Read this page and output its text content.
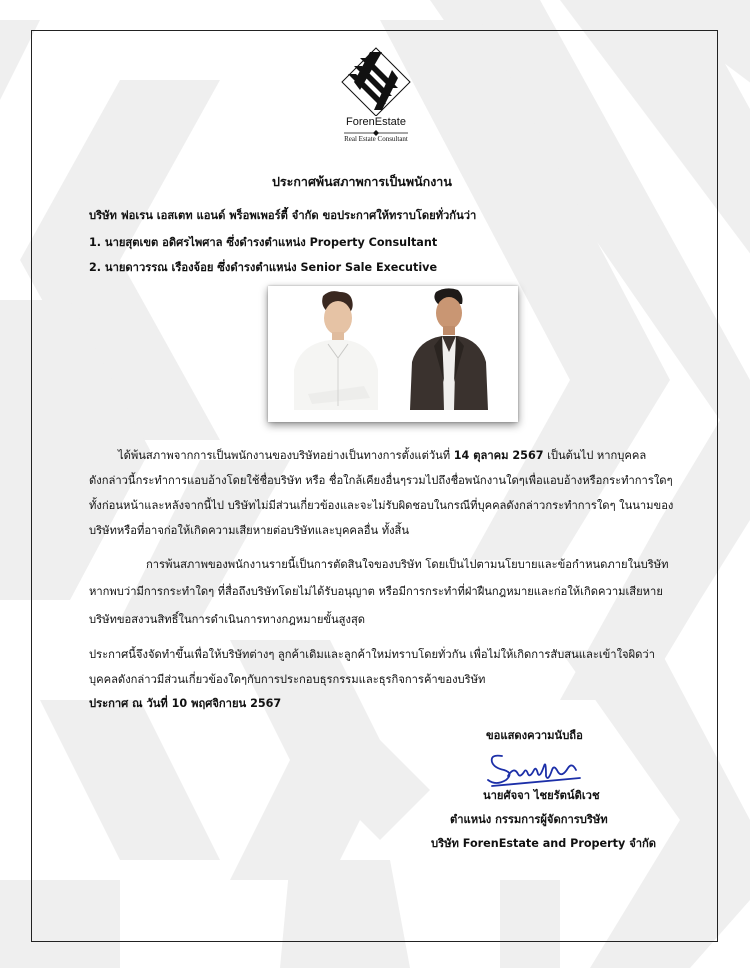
ForenEstate
Real Estate Consultant
ประกาศพ้นสภาพการเป็นพนักงาน
บริษัท ฟอเรน เอสเตท แอนด์ พร็อพเพอร์ตี้ จำกัด ขอประกาศให้ทราบโดยทั่วกันว่า
1. นายสุตเขต อดิศรไพศาล ซึ่งดำรงตำแหน่ง Property Consultant
2. นายดาวรรณ เรืองจ้อย ซึ่งดำรงตำแหน่ง Senior Sale Executive
ได้พ้นสภาพจากการเป็นพนักงานของบริษัทอย่างเป็นทางการตั้งแต่วันที่ 14 ตุลาคม 2567 เป็นต้นไป หากบุคคล
ดังกล่าวนี้กระทำการแอบอ้างโดยใช้ชื่อบริษัท หรือ ชื่อใกล้เคียงอื่นๆรวมไปถึงชื่อพนักงานใดๆเพื่อแอบอ้างหรือกระทำการใดๆ
ทั้งก่อนหน้าและหลังจากนี้ไป บริษัทไม่มีส่วนเกี่ยวข้องและจะไม่รับผิดชอบในกรณีที่บุคคลดังกล่าวกระทำการใดๆ ในนามของ
บริษัทหรือที่อาจก่อให้เกิดความเสียหายต่อบริษัทและบุคคลอื่น ทั้งสิ้น
การพ้นสภาพของพนักงานรายนี้เป็นการตัดสินใจของบริษัท โดยเป็นไปตามนโยบายและข้อกำหนดภายในบริษัท
หากพบว่ามีการกระทำใดๆ ที่สื่อถึงบริษัทโดยไม่ได้รับอนุญาต หรือมีการกระทำที่ฝ่าฝืนกฎหมายและก่อให้เกิดความเสียหาย
บริษัทขอสงวนสิทธิ์ในการดำเนินการทางกฎหมายขั้นสูงสุด
ประกาศนี้จึงจัดทำขึ้นเพื่อให้บริษัทต่างๆ ลูกค้าเดิมและลูกค้าใหม่ทราบโดยทั่วกัน เพื่อไม่ให้เกิดการสับสนและเข้าใจผิดว่า
บุคคลดังกล่าวมีส่วนเกี่ยวข้องใดๆกับการประกอบธุรกรรมและธุรกิจการค้าของบริษัท
ประกาศ ณ วันที่ 10 พฤศจิกายน 2567
ขอแสดงความนับถือ
นายศัจจา ไชยรัตน์ดิเวช
ตำแหน่ง กรรมการผู้จัดการบริษัท
บริษัท ForenEstate and Property จำกัด
